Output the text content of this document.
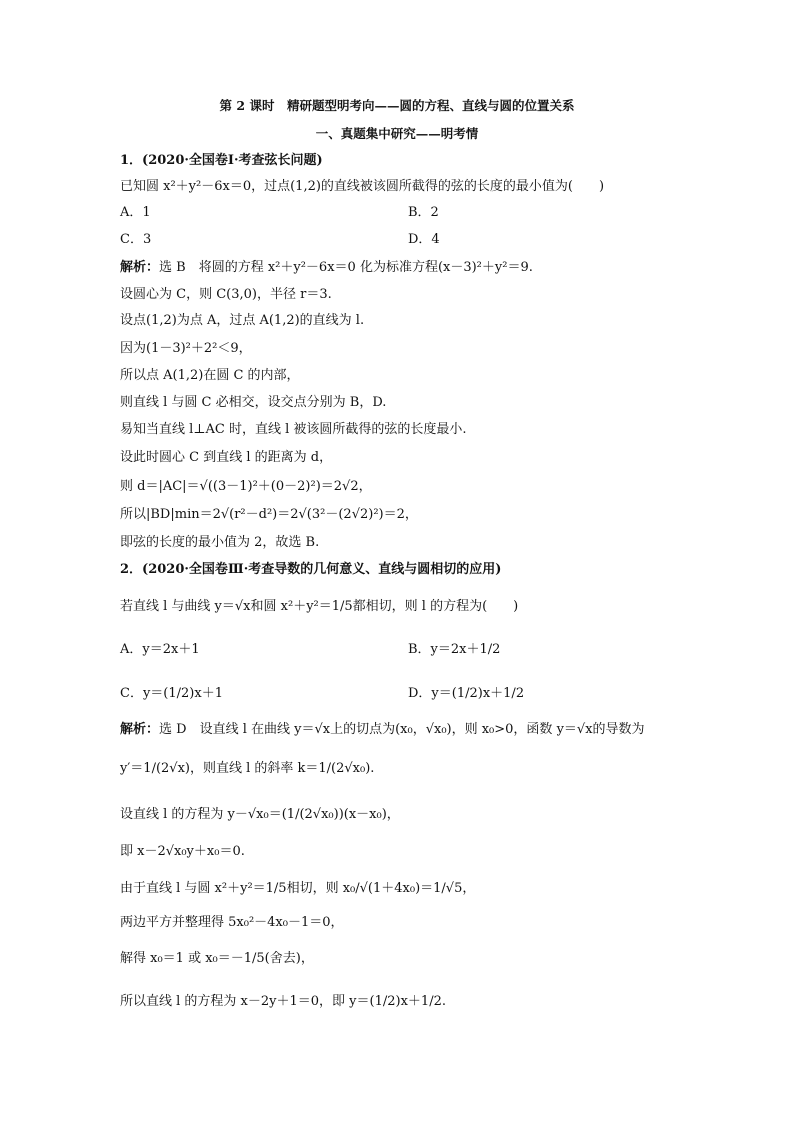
第 2 课时　精研题型明考向——圆的方程、直线与圆的位置关系
一、真题集中研究——明考情
1．(2020·全国卷Ⅰ·考查弦长问题)
已知圆 x²＋y²－6x＝0，过点(1,2)的直线被该圆所截得的弦的长度的最小值为(　　)
A．1	B．2
C．3	D．4
解析：选 B　将圆的方程 x²＋y²－6x＝0 化为标准方程(x－3)²＋y²＝9.
设圆心为 C，则 C(3,0)，半径 r＝3.
设点(1,2)为点 A，过点 A(1,2)的直线为 l.
因为(1－3)²＋2²＜9，
所以点 A(1,2)在圆 C 的内部，
则直线 l 与圆 C 必相交，设交点分别为 B，D.
易知当直线 l⊥AC 时，直线 l 被该圆所截得的弦的长度最小.
设此时圆心 C 到直线 l 的距离为 d，
则 d＝|AC|＝√((3－1)²＋(0－2)²)＝2√2，
所以|BD|min＝2√(r²－d²)＝2√(3²－(2√2)²)＝2，
即弦的长度的最小值为 2，故选 B.
2．(2020·全国卷Ⅲ·考查导数的几何意义、直线与圆相切的应用)
若直线 l 与曲线 y＝√x和圆 x²＋y²＝1/5都相切，则 l 的方程为(　　)
A．y＝2x＋1	B．y＝2x＋1/2
C．y＝(1/2)x＋1	D．y＝(1/2)x＋1/2
解析：选 D　设直线 l 在曲线 y＝√x上的切点为(x₀，√x₀)，则 x₀>0，函数 y＝√x的导数为
y′＝1/(2√x)，则直线 l 的斜率 k＝1/(2√x₀).
设直线 l 的方程为 y－√x₀＝(1/(2√x₀))(x－x₀)，
即 x－2√x₀y＋x₀＝0.
由于直线 l 与圆 x²＋y²＝1/5相切，则 x₀/√(1＋4x₀)＝1/√5，
两边平方并整理得 5x₀²－4x₀－1＝0，
解得 x₀＝1 或 x₀＝－1/5(舍去)，
所以直线 l 的方程为 x－2y＋1＝0，即 y＝(1/2)x＋1/2.
